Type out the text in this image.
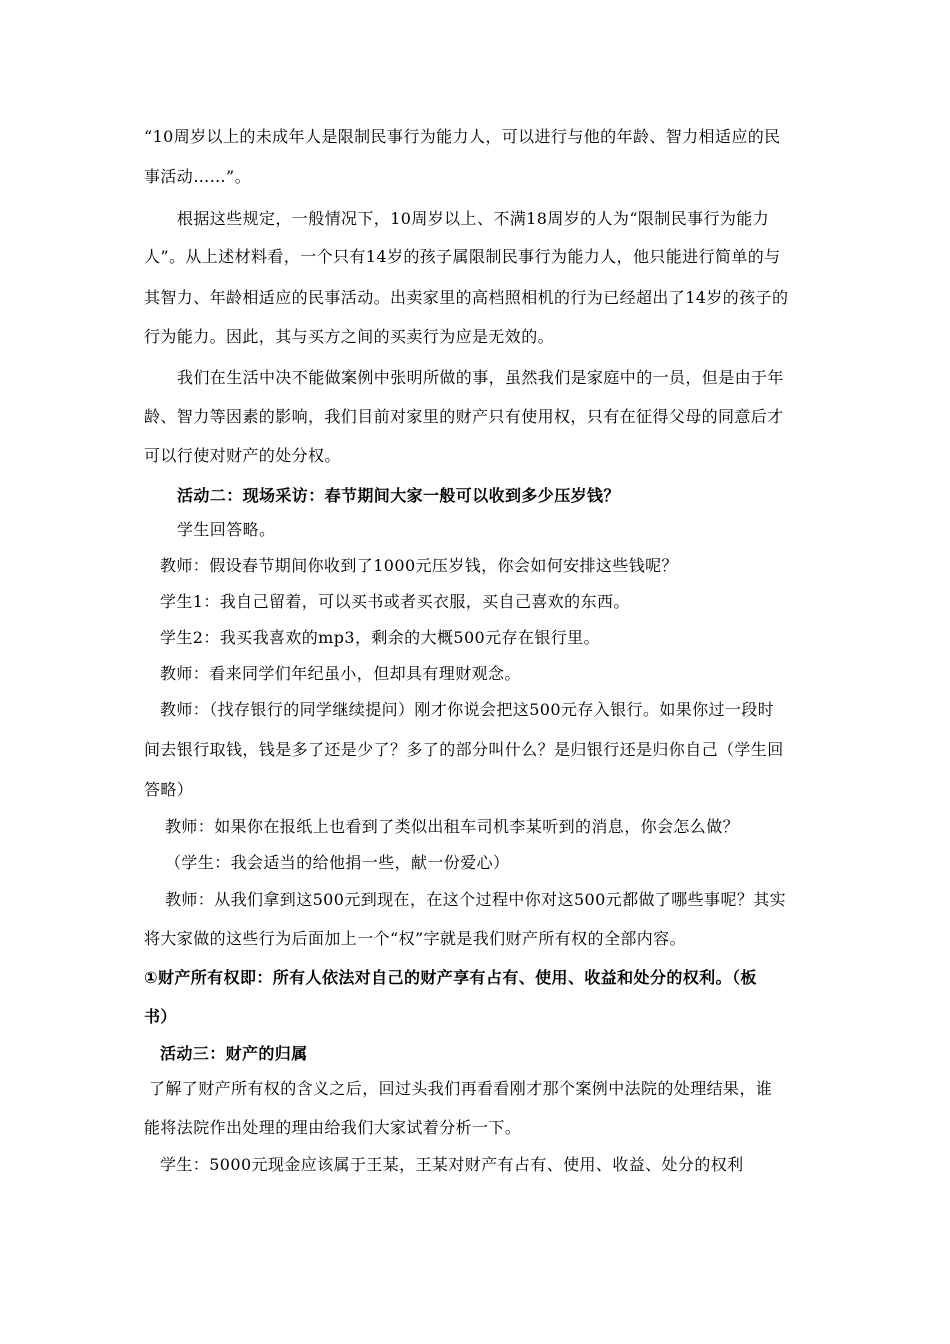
“10周岁以上的未成年人是限制民事行为能力人，可以进行与他的年龄、智力相适应的民
事活动……”。
根据这些规定，一般情况下，10周岁以上、不满18周岁的人为“限制民事行为能力
人”。从上述材料看，一个只有14岁的孩子属限制民事行为能力人，他只能进行简单的与
其智力、年龄相适应的民事活动。出卖家里的高档照相机的行为已经超出了14岁的孩子的
行为能力。因此，其与买方之间的买卖行为应是无效的。
我们在生活中决不能做案例中张明所做的事，虽然我们是家庭中的一员，但是由于年
龄、智力等因素的影响，我们目前对家里的财产只有使用权，只有在征得父母的同意后才
可以行使对财产的处分权。
活动二：现场采访：春节期间大家一般可以收到多少压岁钱？
学生回答略。
教师：假设春节期间你收到了1000元压岁钱，你会如何安排这些钱呢？
学生1：我自己留着，可以买书或者买衣服，买自己喜欢的东西。
学生2：我买我喜欢的mp3，剩余的大概500元存在银行里。
教师：看来同学们年纪虽小，但却具有理财观念。
教师：（找存银行的同学继续提问）刚才你说会把这500元存入银行。如果你过一段时
间去银行取钱，钱是多了还是少了？多了的部分叫什么？是归银行还是归你自己（学生回
答略）
教师：如果你在报纸上也看到了类似出租车司机李某听到的消息，你会怎么做？
（学生：我会适当的给他捐一些，献一份爱心）
教师：从我们拿到这500元到现在，在这个过程中你对这500元都做了哪些事呢？其实
将大家做的这些行为后面加上一个“权”字就是我们财产所有权的全部内容。
①财产所有权即：所有人依法对自己的财产享有占有、使用、收益和处分的权利。（板
书）
活动三：财产的归属
了解了财产所有权的含义之后，回过头我们再看看刚才那个案例中法院的处理结果，谁
能将法院作出处理的理由给我们大家试着分析一下。
学生：5000元现金应该属于王某，王某对财产有占有、使用、收益、处分的权利
